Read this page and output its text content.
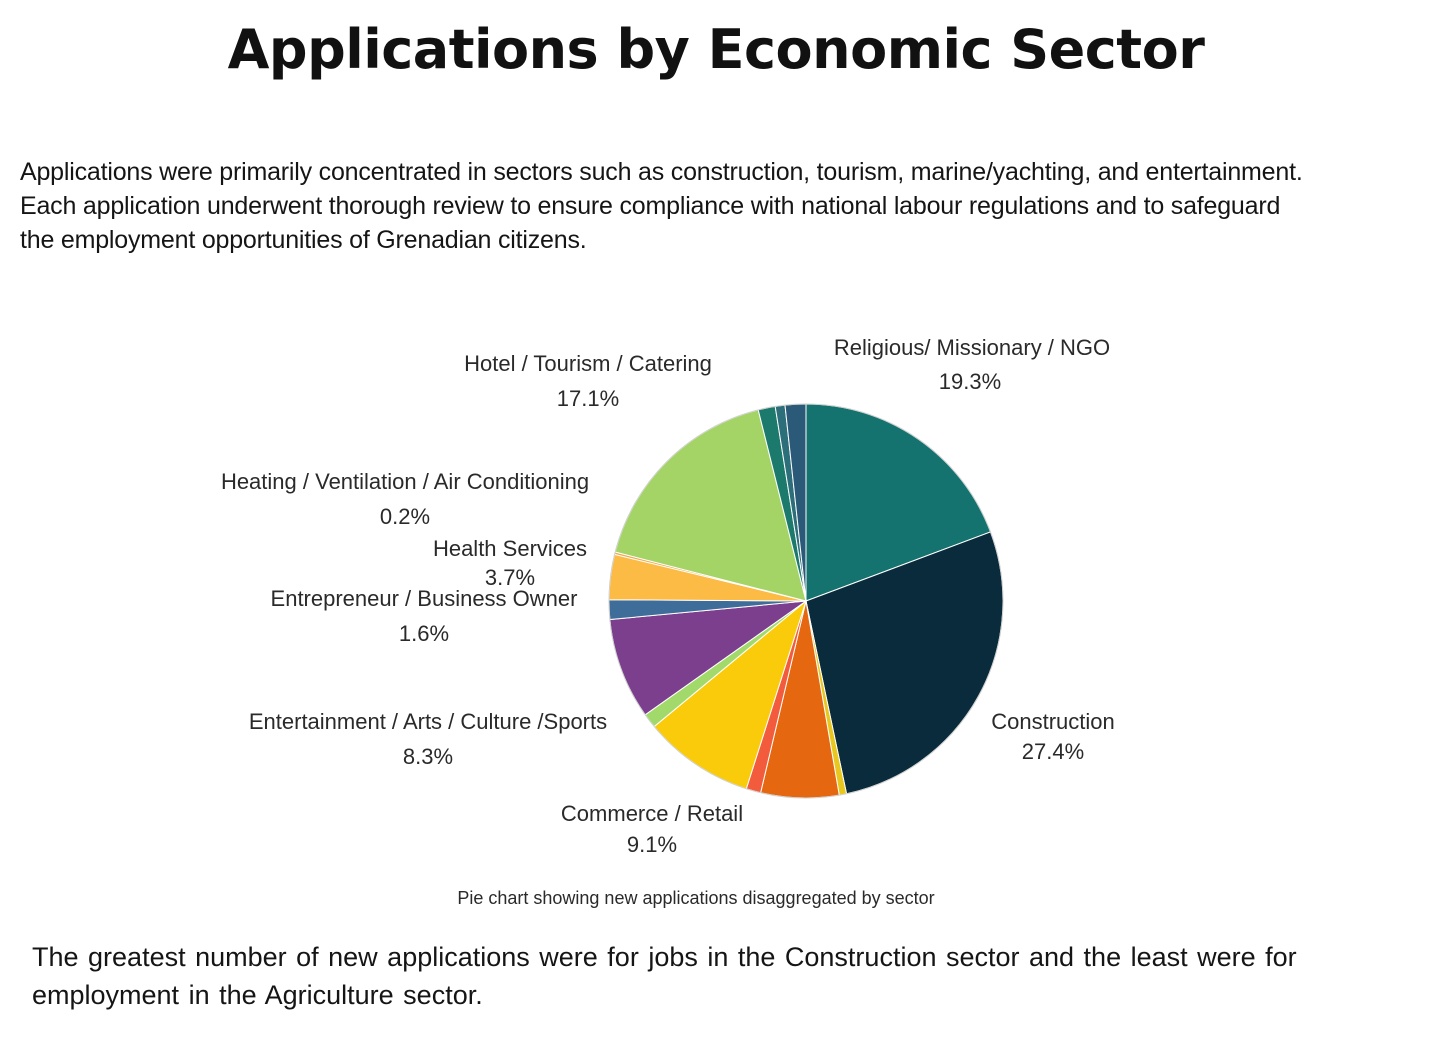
Applications by Economic Sector

Applications were primarily concentrated in sectors such as construction, tourism, marine/yachting, and entertainment.
Each application underwent thorough review to ensure compliance with national labour regulations and to safeguard
the employment opportunities of Grenadian citizens.

Religious/ Missionary / NGO
19.3%
Construction
27.4%
Commerce / Retail
9.1%
Entertainment / Arts / Culture /Sports
8.3%
Entrepreneur / Business Owner
1.6%
Health Services
3.7%
Heating / Ventilation / Air Conditioning
0.2%
Hotel / Tourism / Catering
17.1%

Pie chart showing new applications disaggregated by sector

The greatest number of new applications were for jobs in the Construction sector and the least were for
employment in the Agriculture sector.
